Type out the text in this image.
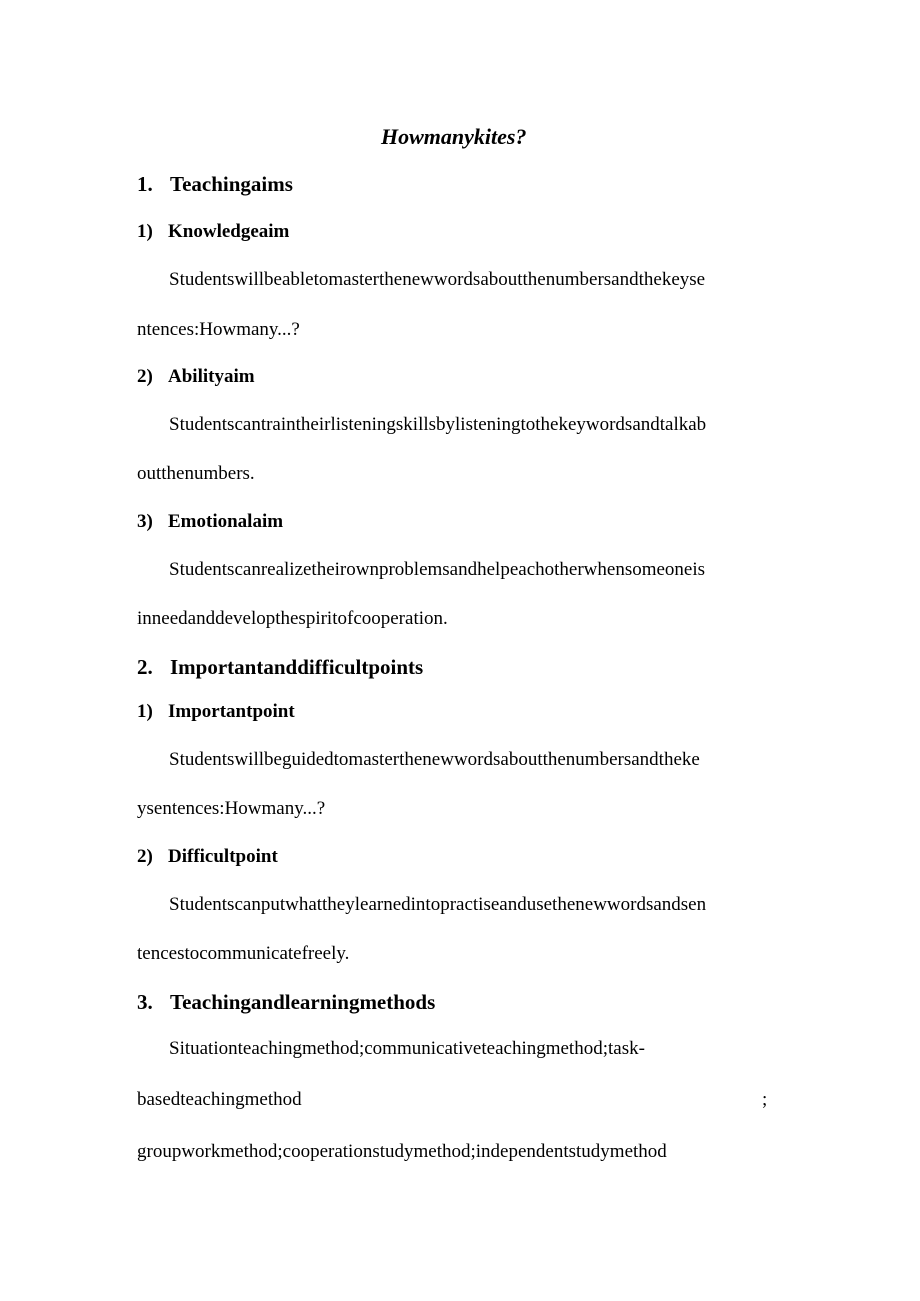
Howmanykites?
1. Teachingaims
1) Knowledgeaim

Studentswillbeabletomasterthenewwordsaboutthenumbersandthekeyse

ntences:Howmany...?

2) Abilityaim

Studentscantraintheirlisteningskillsbylisteningtothekeywordsandtalkab

outthenumbers.

3) Emotionalaim

Studentscanrealizetheirownproblemsandhelpeachotherwhensomeoneis

inneedanddevelopthespiritofcooperation.

2. Importantanddifficultpoints
1) Importantpoint

Studentswillbeguidedtomasterthenewwordsaboutthenumbersandtheke

ysentences:Howmany...?

2) Difficultpoint

Studentscanputwhattheylearnedintopractiseandusethenewwordsandsen

tencestocommunicatefreely.

3. Teachingandlearningmethods

Situationteachingmethod;communicativeteachingmethod;task-

basedteachingmethod	;

groupworkmethod;cooperationstudymethod;independentstudymethod
